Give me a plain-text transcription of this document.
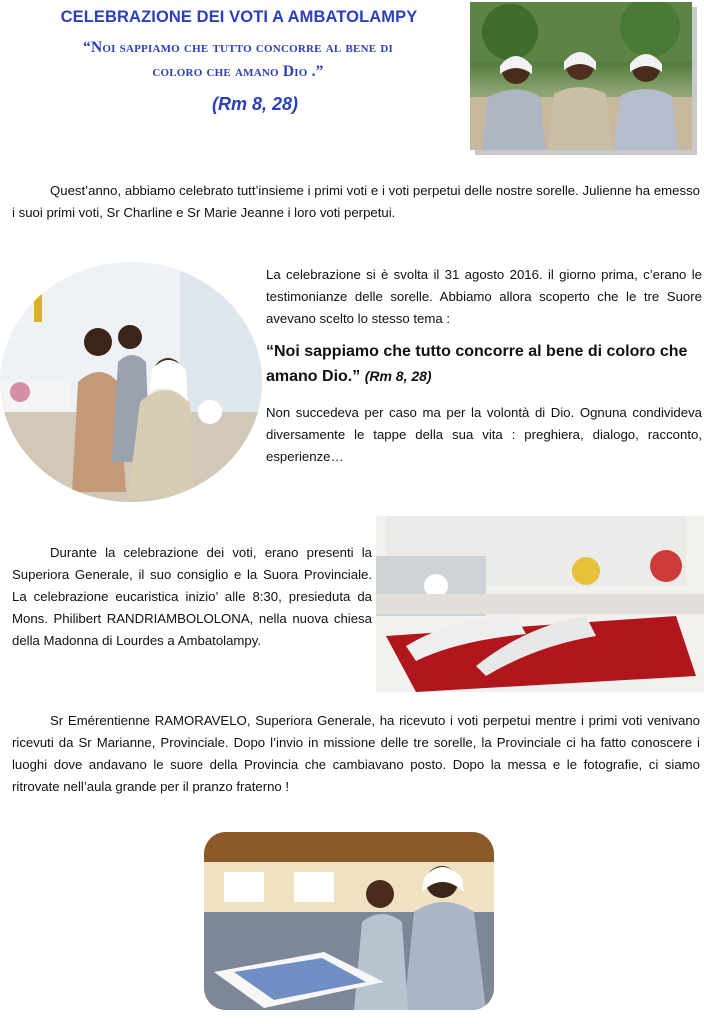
CELEBRAZIONE DEI VOTI A AMBATOLAMPY
“Noi sappiamo che tutto concorre al bene di
coloro che amano Dio .”
(Rm 8, 28)
Quest’anno, abbiamo celebrato tutt’insieme i primi voti e i voti perpetui delle nostre sorelle. Julienne ha emesso i suoi primi voti, Sr Charline e Sr Marie Jeanne i loro voti perpetui.
La celebrazione si è svolta il 31 agosto 2016. il giorno prima, c’erano le testimonianze delle sorelle. Abbiamo allora scoperto che le tre Suore avevano scelto lo stesso tema :
“Noi sappiamo che tutto concorre al bene di coloro che amano Dio.” (Rm 8, 28)
Non succedeva per caso ma per la volontà di Dio. Ognuna condivideva diversamente le tappe della sua vita : preghiera, dialogo, racconto, esperienze…
Durante la celebrazione dei voti, erano presenti la Superiora Generale, il suo consiglio e la Suora Provinciale. La celebrazione eucaristica inizio’ alle 8:30, presieduta da Mons. Philibert RANDRIAMBOLOLONA, nella nuova chiesa della Madonna di Lourdes a Ambatolampy.
Sr Emérentienne RAMORAVELO, Superiora Generale, ha ricevuto i voti perpetui mentre i primi voti venivano ricevuti da Sr Marianne, Provinciale. Dopo l’invio in missione delle tre sorelle, la Provinciale ci ha fatto conoscere i luoghi dove andavano le suore della Provincia che cambiavano posto. Dopo la messa e le fotografie, ci siamo ritrovate nell’aula grande per il pranzo fraterno !
